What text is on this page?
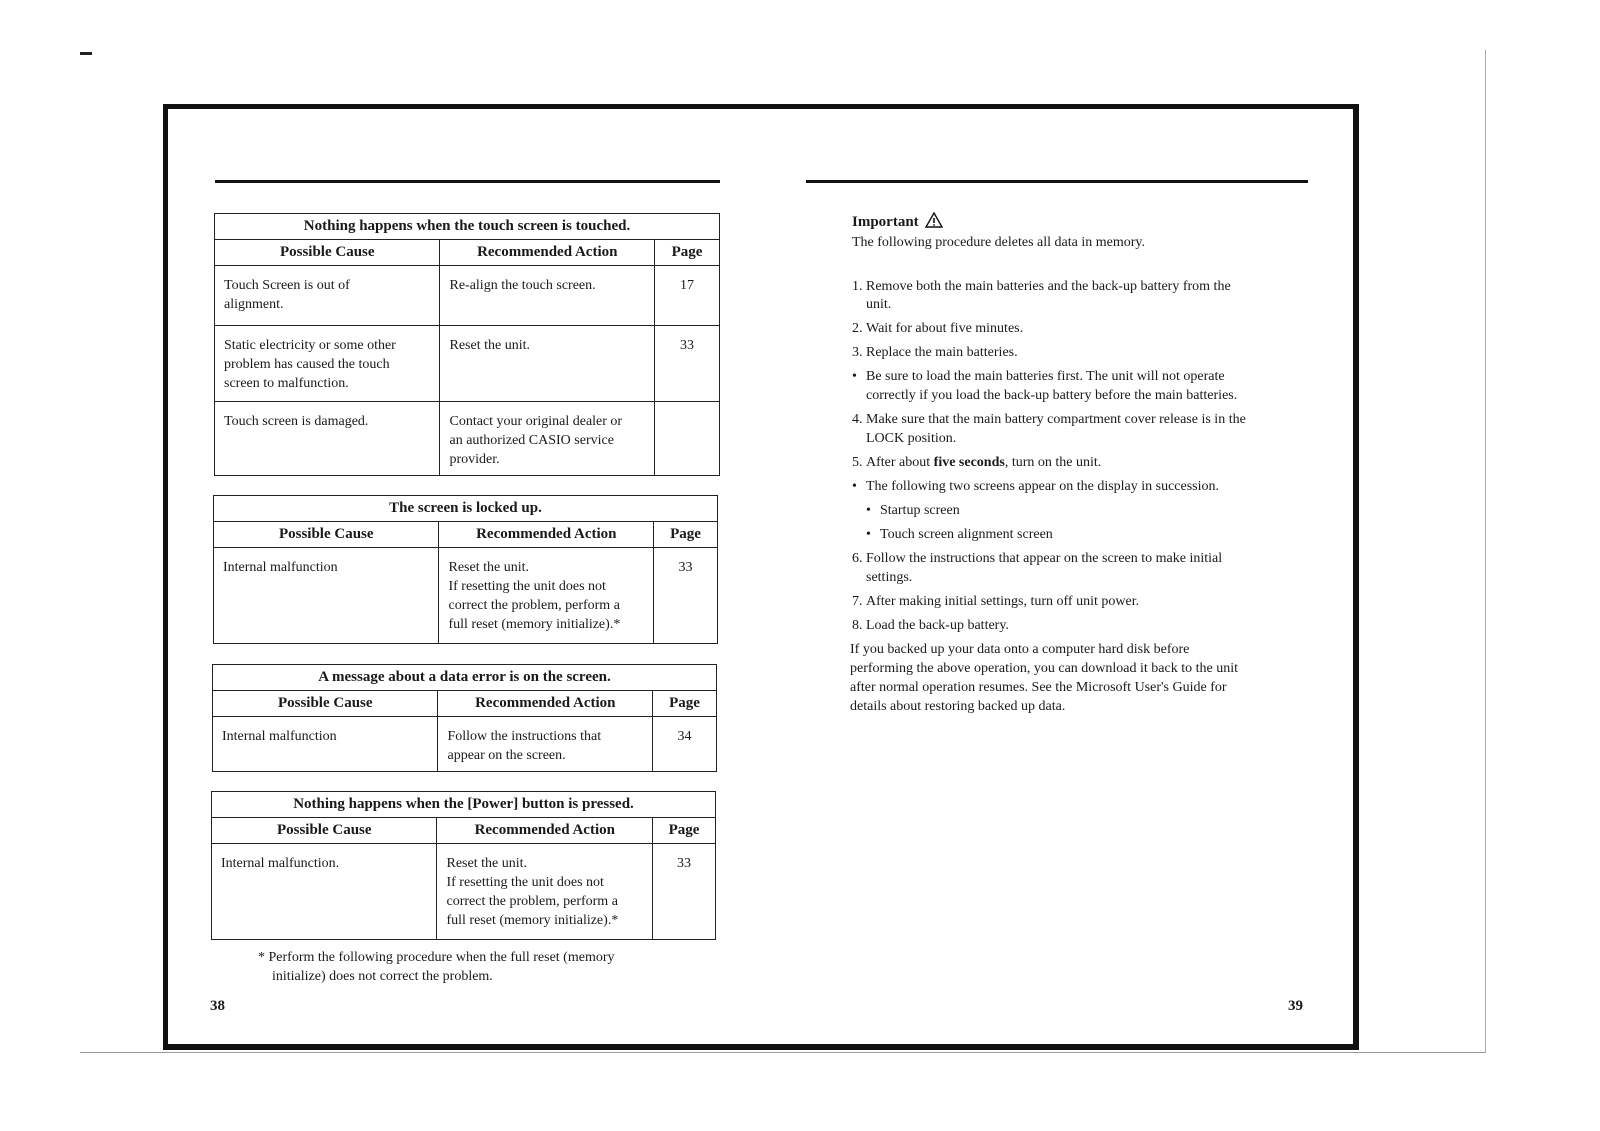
Nothing happens when the touch screen is touched.		
Possible Cause	Recommended Action	Page

Touch Screen is out of
alignment.	Re-align the touch screen.	17

Static electricity or some other
problem has caused the touch
screen to malfunction.	Reset the unit.	33

Touch screen is damaged.	Contact your original dealer or
an authorized CASIO service
provider.	

The screen is locked up.		
Possible Cause	Recommended Action	Page

Internal malfunction	Reset the unit.
If resetting the unit does not
correct the problem, perform a
full reset (memory initialize).*	33
A message about a data error is on the screen.		
Possible Cause	Recommended Action	Page

Internal malfunction	Follow the instructions that
appear on the screen.	34
Nothing happens when the [Power] button is pressed.		
Possible Cause	Recommended Action	Page

Internal malfunction.	Reset the unit.
If resetting the unit does not
correct the problem, perform a
full reset (memory initialize).*	33
* Perform the following procedure when the full reset (memory
initialize) does not correct the problem.
38
Important
The following procedure deletes all data in memory.
1. Remove both the main batteries and the back-up battery from the
unit.
2. Wait for about five minutes.
3. Replace the main batteries.
• Be sure to load the main batteries first. The unit will not operate
correctly if you load the back-up battery before the main batteries.
4. Make sure that the main battery compartment cover release is in the
LOCK position.
5. After about five seconds, turn on the unit.
• The following two screens appear on the display in succession.
• Startup screen
• Touch screen alignment screen
6. Follow the instructions that appear on the screen to make initial
settings.
7. After making initial settings, turn off unit power.
8. Load the back-up battery.
If you backed up your data onto a computer hard disk before
performing the above operation, you can download it back to the unit
after normal operation resumes. See the Microsoft User's Guide for
details about restoring backed up data.
39
